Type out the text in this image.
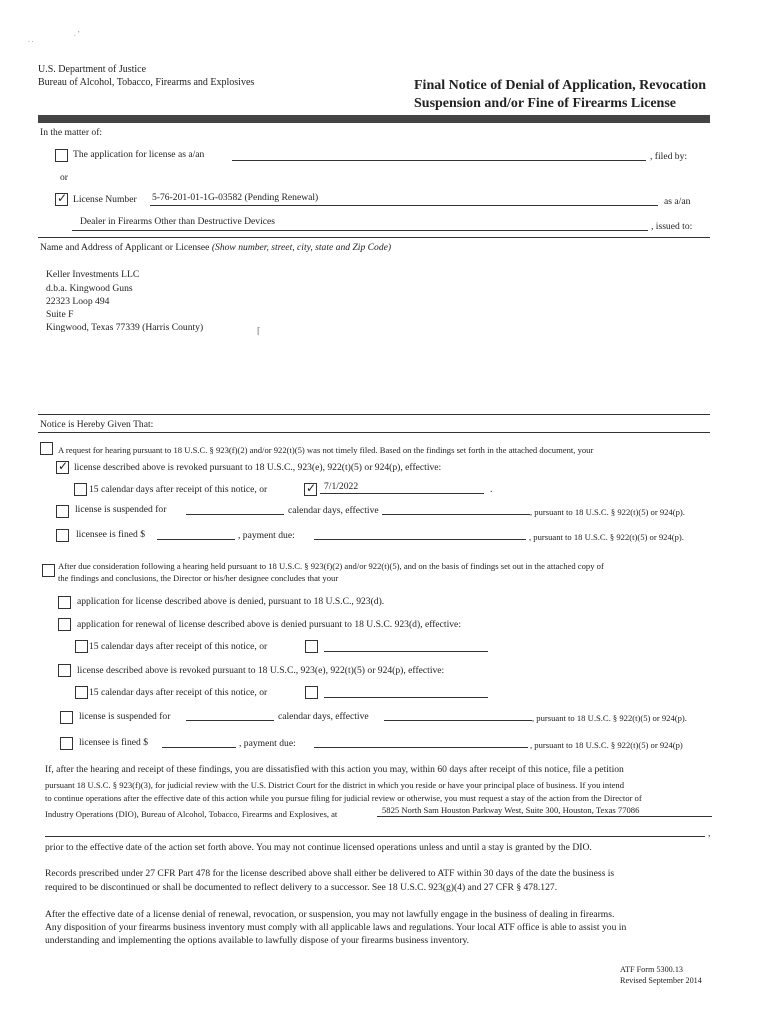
. .
. ’
U.S. Department of Justice
Bureau of Alcohol, Tobacco, Firearms and Explosives	Final Notice of Denial of Application, Revocation
Suspension and/or Fine of Firearms License
In the matter of:
The application for license as a/an	, filed by:
or
✓ License Number 5-76-201-01-1G-03582 (Pending Renewal)	as a/an
Dealer in Firearms Other than Destructive Devices	, issued to:
Name and Address of Applicant or Licensee (Show number, street, city, state and Zip Code)
Keller Investments LLC
d.b.a. Kingwood Guns
22323 Loop 494
Suite F
Kingwood, Texas 77339 (Harris County)	⌈
Notice is Hereby Given That:
A request for hearing pursuant to 18 U.S.C. § 923(f)(2) and/or 922(t)(5) was not timely filed. Based on the findings set forth in the attached document, your
✓ license described above is revoked pursuant to 18 U.S.C., 923(e), 922(t)(5) or 924(p), effective:
15 calendar days after receipt of this notice, or	✓ 7/1/2022	.
license is suspended for	calendar days, effective	, pursuant to 18 U.S.C. § 922(t)(5) or 924(p).
licensee is fined $	, payment due:	, pursuant to 18 U.S.C. § 922(t)(5) or 924(p).
After due consideration following a hearing held pursuant to 18 U.S.C. § 923(f)(2) and/or 922(t)(5), and on the basis of findings set out in the attached copy of
the findings and conclusions, the Director or his/her designee concludes that your
application for license described above is denied, pursuant to 18 U.S.C., 923(d).
application for renewal of license described above is denied pursuant to 18 U.S.C. 923(d), effective:
15 calendar days after receipt of this notice, or
license described above is revoked pursuant to 18 U.S.C., 923(e), 922(t)(5) or 924(p), effective:
15 calendar days after receipt of this notice, or
license is suspended for	calendar days, effective	, pursuant to 18 U.S.C. § 922(t)(5) or 924(p).
licensee is fined $	, payment due:	, pursuant to 18 U.S.C. § 922(t)(5) or 924(p)
If, after the hearing and receipt of these findings, you are dissatisfied with this action you may, within 60 days after receipt of this notice, file a petition
pursuant 18 U.S.C. § 923(f)(3), for judicial review with the U.S. District Court for the district in which you reside or have your principal place of business. If you intend
to continue operations after the effective date of this action while you pursue filing for judicial review or otherwise, you must request a stay of the action from the Director of
Industry Operations (DIO), Bureau of Alcohol, Tobacco, Firearms and Explosives, at	5825 North Sam Houston Parkway West, Suite 300, Houston, Texas 77086
,
prior to the effective date of the action set forth above. You may not continue licensed operations unless and until a stay is granted by the DIO.
Records prescribed under 27 CFR Part 478 for the license described above shall either be delivered to ATF within 30 days of the date the business is
required to be discontinued or shall be documented to reflect delivery to a successor. See 18 U.S.C. 923(g)(4) and 27 CFR § 478.127.
After the effective date of a license denial of renewal, revocation, or suspension, you may not lawfully engage in the business of dealing in firearms.
Any disposition of your firearms business inventory must comply with all applicable laws and regulations. Your local ATF office is able to assist you in
understanding and implementing the options available to lawfully dispose of your firearms business inventory.
ATF Form 5300.13
Revised September 2014
